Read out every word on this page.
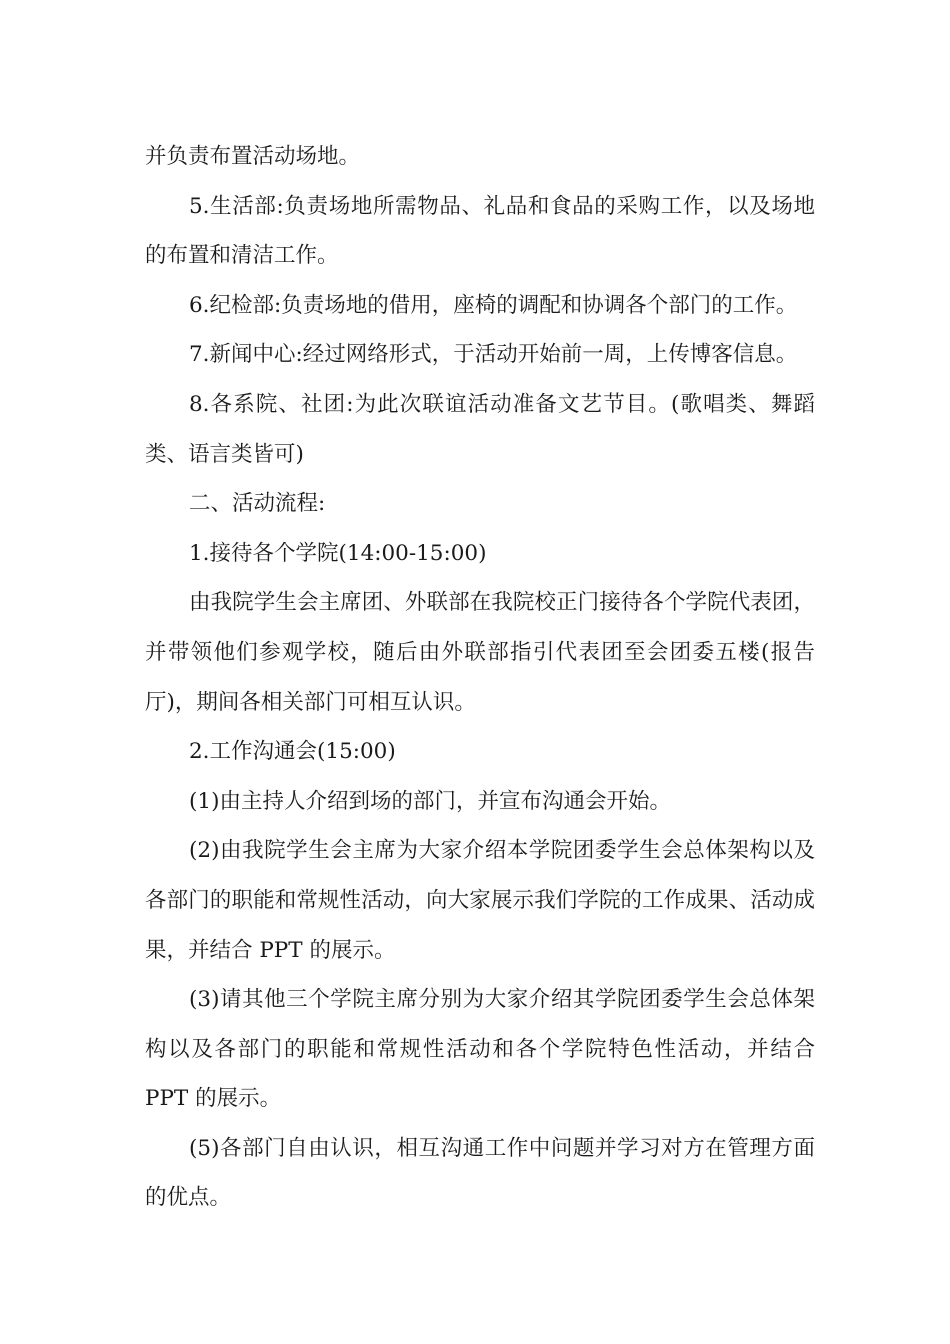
并负责布置活动场地。

5.生活部:负责场地所需物品、礼品和食品的采购工作，以及场地的布置和清洁工作。

6.纪检部:负责场地的借用，座椅的调配和协调各个部门的工作。

7.新闻中心:经过网络形式，于活动开始前一周，上传博客信息。

8.各系院、社团:为此次联谊活动准备文艺节目。(歌唱类、舞蹈类、语言类皆可)

二、活动流程:

1.接待各个学院(14:00-15:00)

由我院学生会主席团、外联部在我院校正门接待各个学院代表团，并带领他们参观学校，随后由外联部指引代表团至会团委五楼(报告厅)，期间各相关部门可相互认识。

2.工作沟通会(15:00)

(1)由主持人介绍到场的部门，并宣布沟通会开始。

(2)由我院学生会主席为大家介绍本学院团委学生会总体架构以及各部门的职能和常规性活动，向大家展示我们学院的工作成果、活动成果，并结合 PPT 的展示。

(3)请其他三个学院主席分别为大家介绍其学院团委学生会总体架构以及各部门的职能和常规性活动和各个学院特色性活动，并结合 PPT 的展示。

(5)各部门自由认识，相互沟通工作中问题并学习对方在管理方面的优点。
